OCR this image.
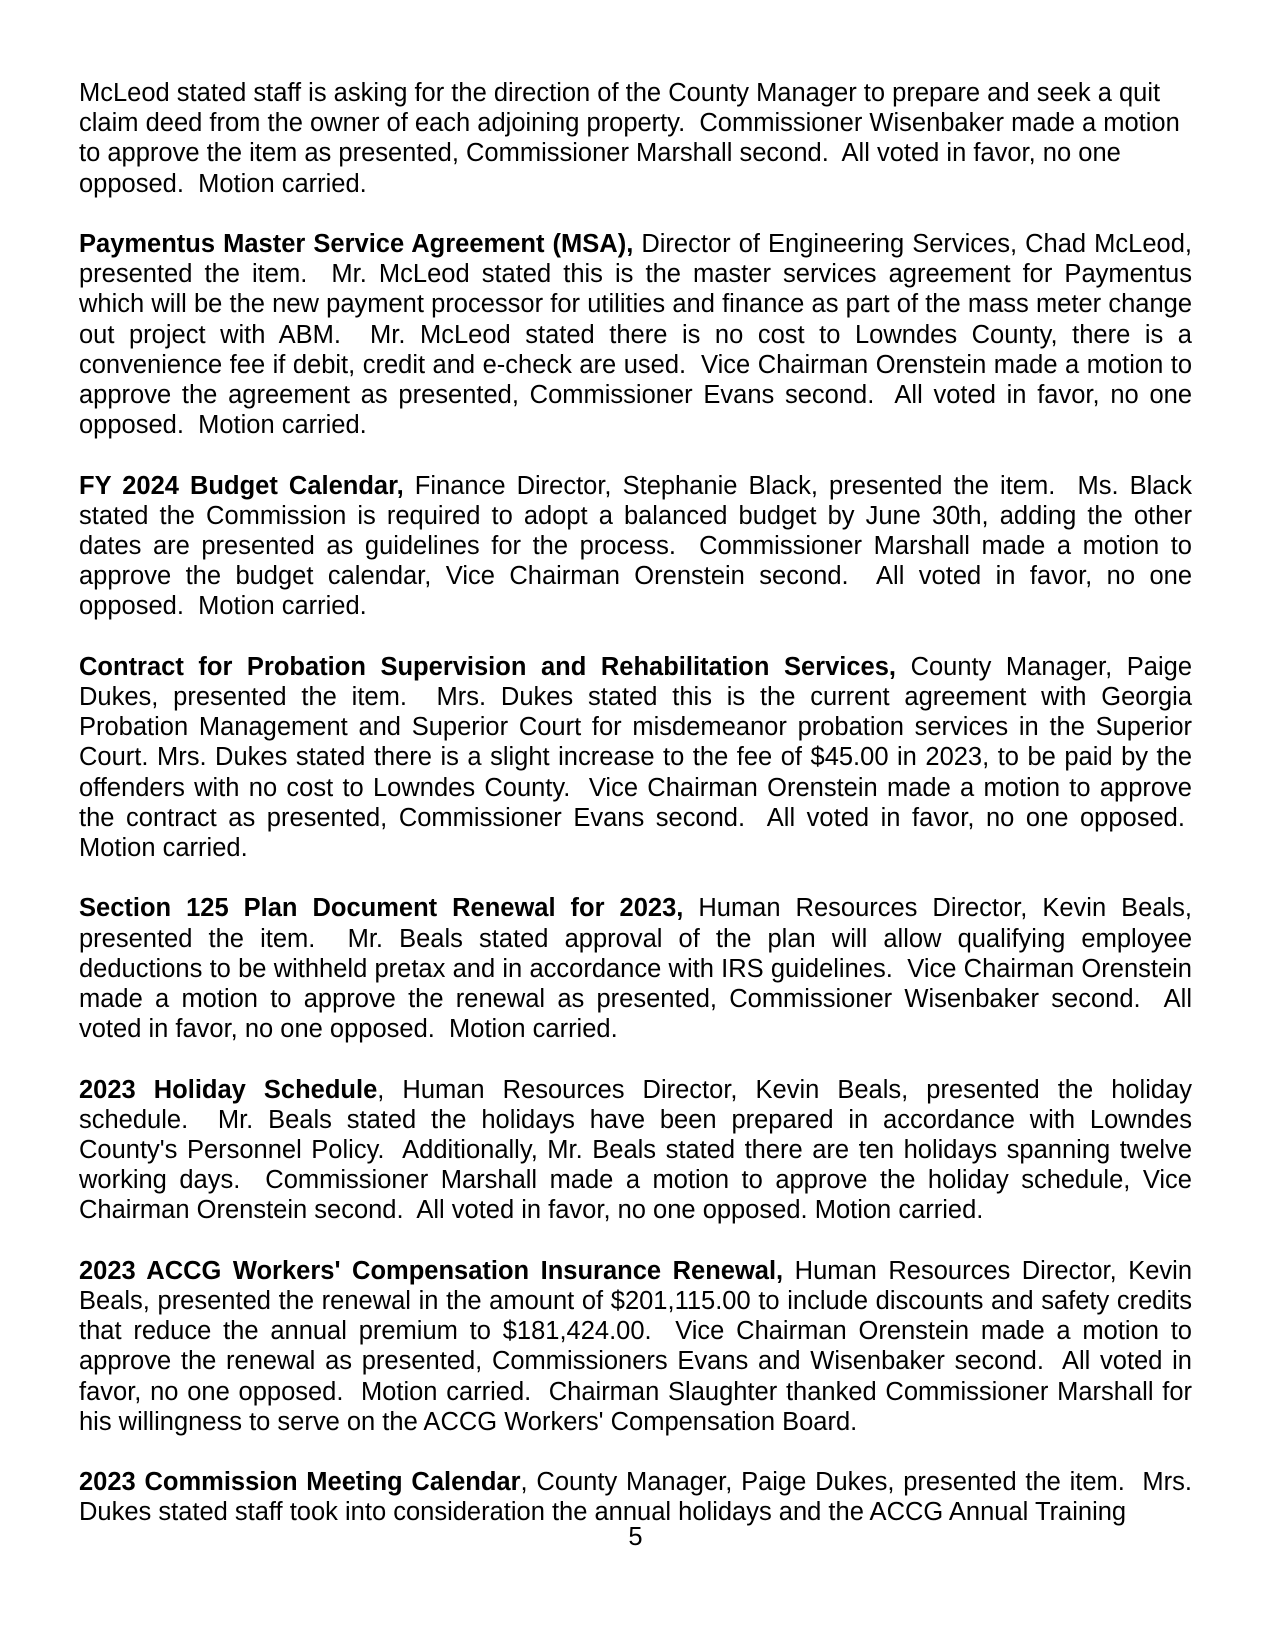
McLeod stated staff is asking for the direction of the County Manager to prepare and seek a quit claim deed from the owner of each adjoining property.  Commissioner Wisenbaker made a motion to approve the item as presented, Commissioner Marshall second.  All voted in favor, no one opposed.  Motion carried.

Paymentus Master Service Agreement (MSA), Director of Engineering Services, Chad McLeod, presented the item.  Mr. McLeod stated this is the master services agreement for Paymentus which will be the new payment processor for utilities and finance as part of the mass meter change out project with ABM.  Mr. McLeod stated there is no cost to Lowndes County, there is a convenience fee if debit, credit and e-check are used.  Vice Chairman Orenstein made a motion to approve the agreement as presented, Commissioner Evans second.  All voted in favor, no one opposed.  Motion carried.

FY 2024 Budget Calendar, Finance Director, Stephanie Black, presented the item.  Ms. Black stated the Commission is required to adopt a balanced budget by June 30th, adding the other dates are presented as guidelines for the process.  Commissioner Marshall made a motion to approve the budget calendar, Vice Chairman Orenstein second.  All voted in favor, no one opposed.  Motion carried.

Contract for Probation Supervision and Rehabilitation Services, County Manager, Paige Dukes, presented the item.  Mrs. Dukes stated this is the current agreement with Georgia Probation Management and Superior Court for misdemeanor probation services in the Superior Court. Mrs. Dukes stated there is a slight increase to the fee of $45.00 in 2023, to be paid by the offenders with no cost to Lowndes County.  Vice Chairman Orenstein made a motion to approve the contract as presented, Commissioner Evans second.  All voted in favor, no one opposed.  Motion carried.

Section 125 Plan Document Renewal for 2023, Human Resources Director, Kevin Beals, presented the item.  Mr. Beals stated approval of the plan will allow qualifying employee deductions to be withheld pretax and in accordance with IRS guidelines.  Vice Chairman Orenstein made a motion to approve the renewal as presented, Commissioner Wisenbaker second.  All voted in favor, no one opposed.  Motion carried.

2023 Holiday Schedule, Human Resources Director, Kevin Beals, presented the holiday schedule.  Mr. Beals stated the holidays have been prepared in accordance with Lowndes County's Personnel Policy.  Additionally, Mr. Beals stated there are ten holidays spanning twelve working days.  Commissioner Marshall made a motion to approve the holiday schedule, Vice Chairman Orenstein second.  All voted in favor, no one opposed. Motion carried.

2023 ACCG Workers' Compensation Insurance Renewal, Human Resources Director, Kevin Beals, presented the renewal in the amount of $201,115.00 to include discounts and safety credits that reduce the annual premium to $181,424.00.  Vice Chairman Orenstein made a motion to approve the renewal as presented, Commissioners Evans and Wisenbaker second.  All voted in favor, no one opposed.  Motion carried.  Chairman Slaughter thanked Commissioner Marshall for his willingness to serve on the ACCG Workers' Compensation Board.

2023 Commission Meeting Calendar, County Manager, Paige Dukes, presented the item.  Mrs. Dukes stated staff took into consideration the annual holidays and the ACCG Annual Training

5
